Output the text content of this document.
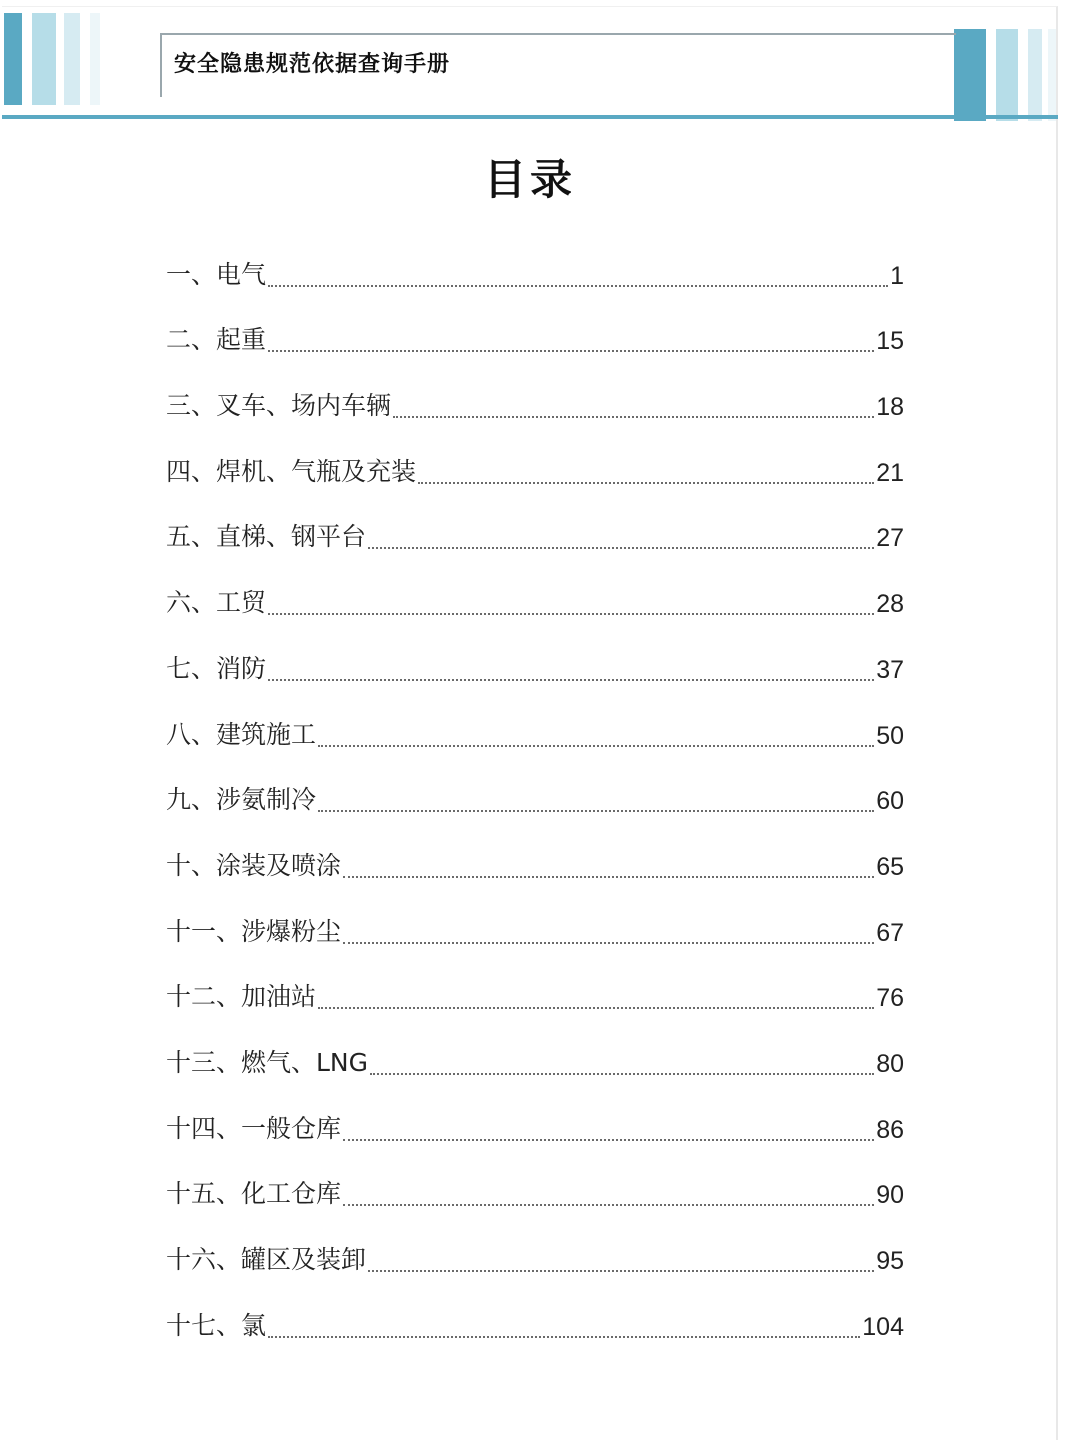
安全隐患规范依据查询手册
目录
一、电气	1
二、起重	15
三、叉车、场内车辆	18
四、焊机、气瓶及充装	21
五、直梯、钢平台	27
六、工贸	28
七、消防	37
八、建筑施工	50
九、涉氨制冷	60
十、涂装及喷涂	65
十一、涉爆粉尘	67
十二、加油站	76
十三、燃气、LNG	80
十四、一般仓库	86
十五、化工仓库	90
十六、罐区及装卸	95
十七、氯	104
